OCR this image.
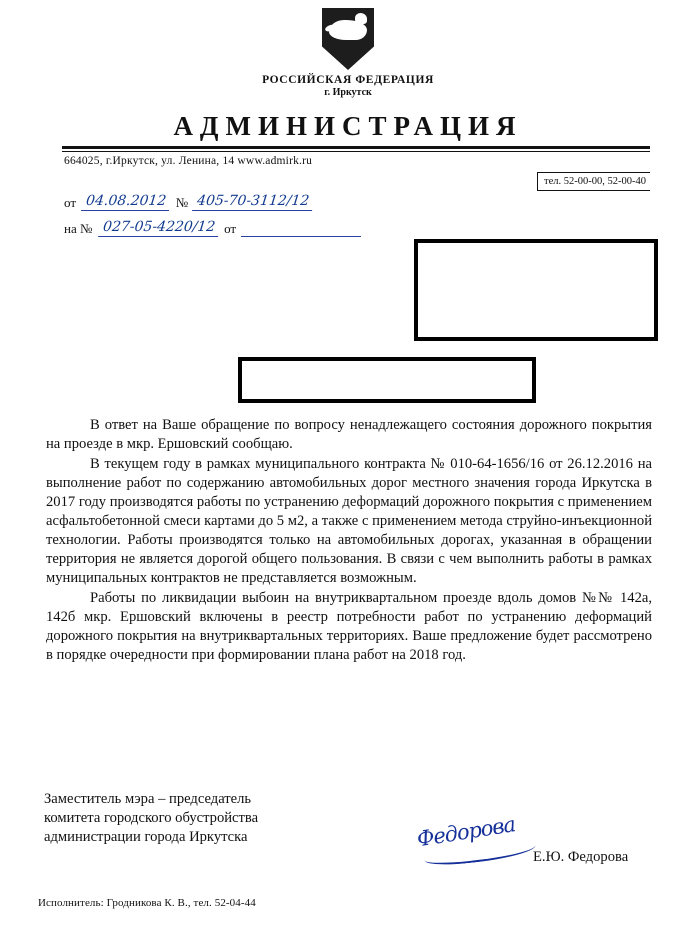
РОССИЙСКАЯ ФЕДЕРАЦИЯ
г. Иркутск
АДМИНИСТРАЦИЯ
664025, г.Иркутск, ул. Ленина, 14 www.admirk.ru
тел. 52-00-00, 52-00-40
от 04.08.2012 № 405-70-3112/12
на № 027-05-4220/12 от

В ответ на Ваше обращение по вопросу ненадлежащего состояния дорожного покрытия на проезде в мкр. Ершовский сообщаю.

В текущем году в рамках муниципального контракта № 010-64-1656/16 от 26.12.2016 на выполнение работ по содержанию автомобильных дорог местного значения города Иркутска в 2017 году производятся работы по устранению деформаций дорожного покрытия с применением асфальтобетонной смеси картами до 5 м2, а также с применением метода струйно-инъекционной технологии. Работы производятся только на автомобильных дорогах, указанная в обращении территория не является дорогой общего пользования. В связи с чем выполнить работы в рамках муниципальных контрактов не представляется возможным.

Работы по ликвидации выбоин на внутриквартальном проезде вдоль домов №№ 142а, 142б мкр. Ершовский включены в реестр потребности работ по устранению деформаций дорожного покрытия на внутриквартальных территориях. Ваше предложение будет рассмотрено в порядке очередности при формировании плана работ на 2018 год.

Заместитель мэра – председатель
комитета городского обустройства
администрации города Иркутска	Федорова
Е.Ю. Федорова
Исполнитель: Гродникова К. В., тел. 52-04-44
